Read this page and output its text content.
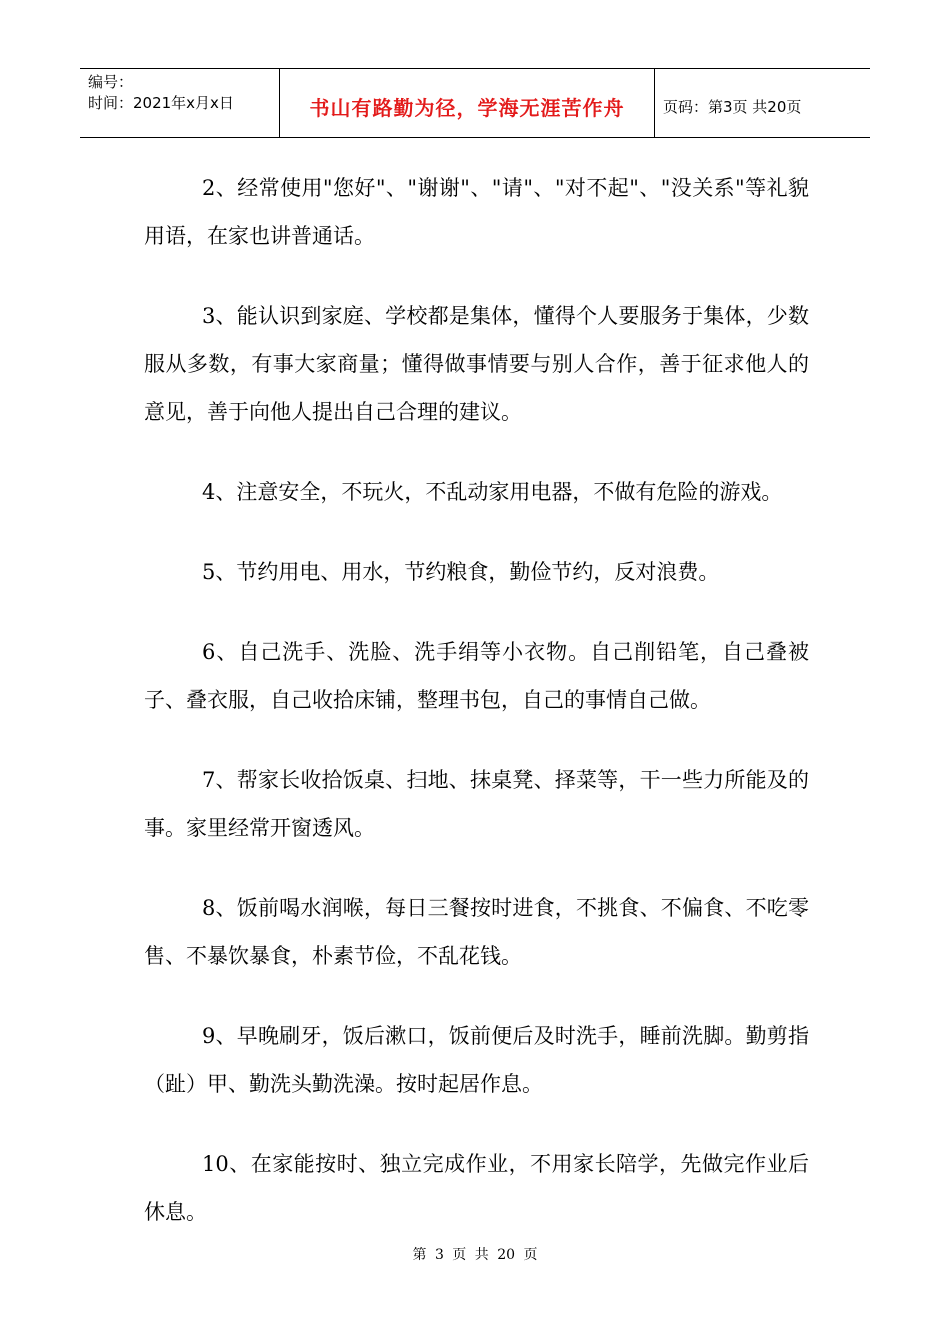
编号：
时间：2021年x月x日	书山有路勤为径，学海无涯苦作舟	页码：第3页 共20页

2、经常使用"您好"、"谢谢"、"请"、"对不起"、"没关系"等礼貌用语，在家也讲普通话。

3、能认识到家庭、学校都是集体，懂得个人要服务于集体，少数服从多数，有事大家商量；懂得做事情要与别人合作，善于征求他人的意见，善于向他人提出自己合理的建议。

4、注意安全，不玩火，不乱动家用电器，不做有危险的游戏。

5、节约用电、用水，节约粮食，勤俭节约，反对浪费。

6、自己洗手、洗脸、洗手绢等小衣物。自己削铅笔，自己叠被子、叠衣服，自己收拾床铺，整理书包，自己的事情自己做。

7、帮家长收拾饭桌、扫地、抹桌凳、择菜等，干一些力所能及的事。家里经常开窗透风。

8、饭前喝水润喉，每日三餐按时进食，不挑食、不偏食、不吃零售、不暴饮暴食，朴素节俭，不乱花钱。

9、早晚刷牙，饭后漱口，饭前便后及时洗手，睡前洗脚。勤剪指（趾）甲、勤洗头勤洗澡。按时起居作息。

10、在家能按时、独立完成作业，不用家长陪学，先做完作业后休息。

第 3 页 共 20 页
